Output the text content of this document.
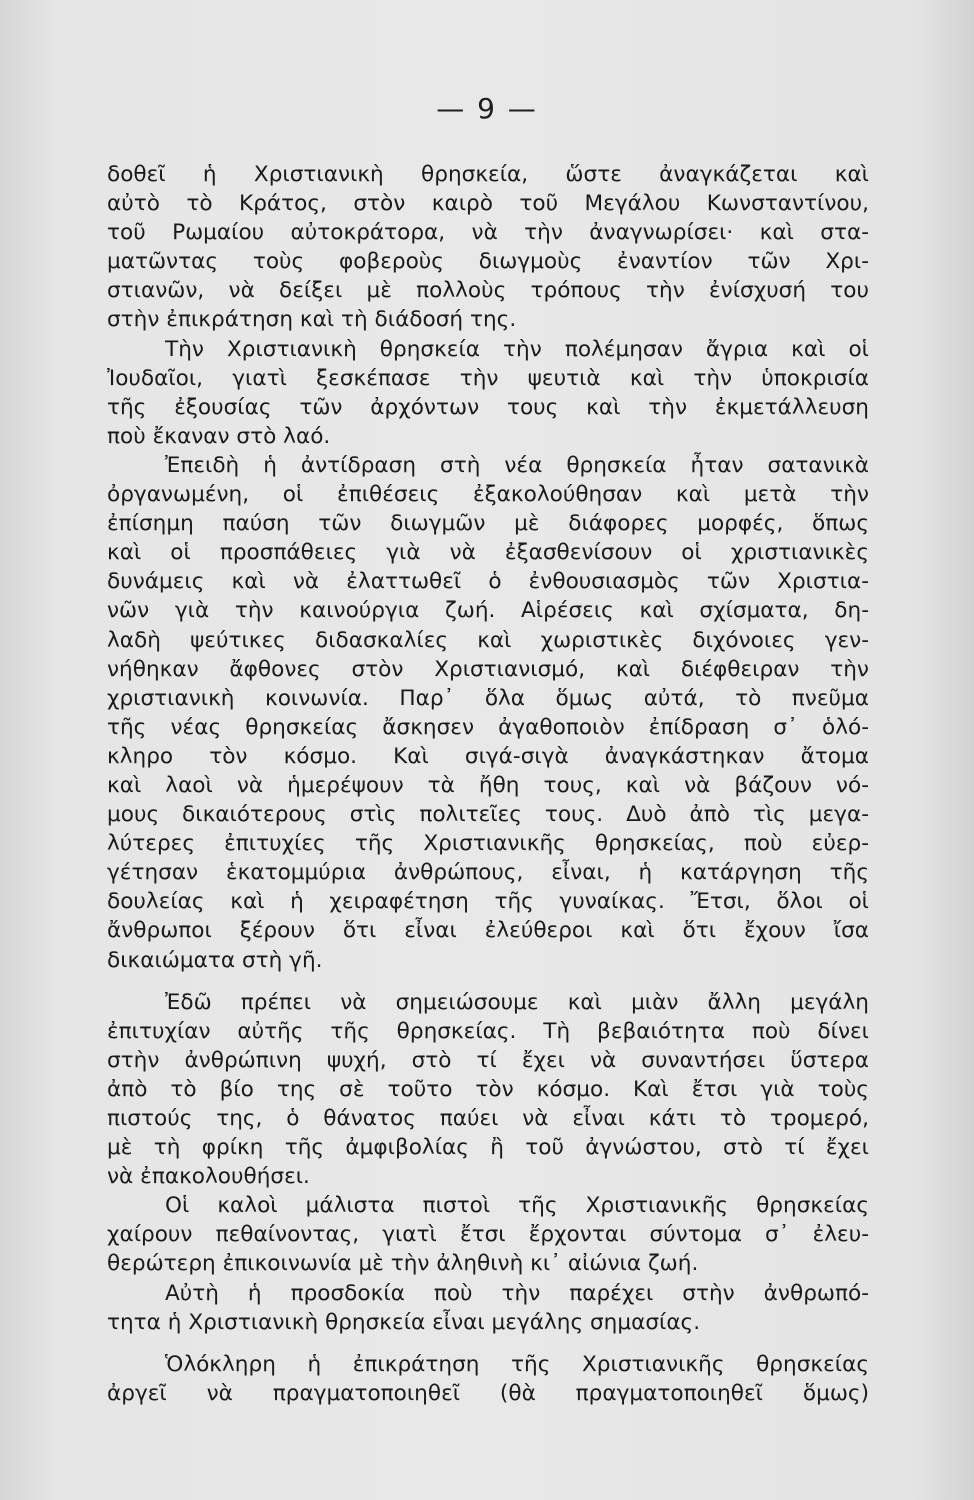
— 9 —
δοθεῖ ἡ Χριστιανικὴ θρησκεία, ὥστε ἀναγκάζεται καὶ
αὐτὸ τὸ Κράτος, στὸν καιρὸ τοῦ Μεγάλου Κωνσταντίνου,
τοῦ Ρωμαίου αὐτοκράτορα, νὰ τὴν ἀναγνωρίσει· καὶ στα-
ματῶντας τοὺς φοβεροὺς διωγμοὺς ἐναντίον τῶν Χρι-
στιανῶν, νὰ δείξει μὲ πολλοὺς τρόπους τὴν ἐνίσχυσή του
στὴν ἐπικράτηση καὶ τὴ διάδοσή της.
Τὴν Χριστιανικὴ θρησκεία τὴν πολέμησαν ἄγρια καὶ οἱ
Ἰουδαῖοι, γιατὶ ξεσκέπασε τὴν ψευτιὰ καὶ τὴν ὑποκρισία
τῆς ἐξουσίας τῶν ἀρχόντων τους καὶ τὴν ἐκμετάλλευση
ποὺ ἔκαναν στὸ λαό.
Ἐπειδὴ ἡ ἀντίδραση στὴ νέα θρησκεία ἦταν σατανικὰ
ὀργανωμένη, οἱ ἐπιθέσεις ἐξακολούθησαν καὶ μετὰ τὴν
ἐπίσημη παύση τῶν διωγμῶν μὲ διάφορες μορφές, ὅπως
καὶ οἱ προσπάθειες γιὰ νὰ ἐξασθενίσουν οἱ χριστιανικὲς
δυνάμεις καὶ νὰ ἐλαττωθεῖ ὁ ἐνθουσιασμὸς τῶν Χριστια-
νῶν γιὰ τὴν καινούργια ζωή. Αἱρέσεις καὶ σχίσματα, δη-
λαδὴ ψεύτικες διδασκαλίες καὶ χωριστικὲς διχόνοιες γεν-
νήθηκαν ἄφθονες στὸν Χριστιανισμό, καὶ διέφθειραν τὴν
χριστιανικὴ κοινωνία. Παρ᾽ ὅλα ὅμως αὐτά, τὸ πνεῦμα
τῆς νέας θρησκείας ἄσκησεν ἀγαθοποιὸν ἐπίδραση σ᾽ ὁλό-
κληρο τὸν κόσμο. Καὶ σιγά-σιγὰ ἀναγκάστηκαν ἄτομα
καὶ λαοὶ νὰ ἡμερέψουν τὰ ἤθη τους, καὶ νὰ βάζουν νό-
μους δικαιότερους στὶς πολιτεῖες τους. Δυὸ ἀπὸ τὶς μεγα-
λύτερες ἐπιτυχίες τῆς Χριστιανικῆς θρησκείας, ποὺ εὐερ-
γέτησαν ἑκατομμύρια ἀνθρώπους, εἶναι, ἡ κατάργηση τῆς
δουλείας καὶ ἡ χειραφέτηση τῆς γυναίκας. Ἔτσι, ὅλοι οἱ
ἄνθρωποι ξέρουν ὅτι εἶναι ἐλεύθεροι καὶ ὅτι ἔχουν ἴσα
δικαιώματα στὴ γῆ.
Ἐδῶ πρέπει νὰ σημειώσουμε καὶ μιὰν ἄλλη μεγάλη
ἐπιτυχίαν αὐτῆς τῆς θρησκείας. Τὴ βεβαιότητα ποὺ δίνει
στὴν ἀνθρώπινη ψυχή, στὸ τί ἔχει νὰ συναντήσει ὕστερα
ἀπὸ τὸ βίο της σὲ τοῦτο τὸν κόσμο. Καὶ ἔτσι γιὰ τοὺς
πιστούς της, ὁ θάνατος παύει νὰ εἶναι κάτι τὸ τρομερό,
μὲ τὴ φρίκη τῆς ἀμφιβολίας ἢ τοῦ ἀγνώστου, στὸ τί ἔχει
νὰ ἐπακολουθήσει.
Οἱ καλοὶ μάλιστα πιστοὶ τῆς Χριστιανικῆς θρησκείας
χαίρουν πεθαίνοντας, γιατὶ ἔτσι ἔρχονται σύντομα σ᾽ ἐλευ-
θερώτερη ἐπικοινωνία μὲ τὴν ἀληθινὴ κι᾽ αἰώνια ζωή.
Αὐτὴ ἡ προσδοκία ποὺ τὴν παρέχει στὴν ἀνθρωπό-
τητα ἡ Χριστιανικὴ θρησκεία εἶναι μεγάλης σημασίας.
Ὁλόκληρη ἡ ἐπικράτηση τῆς Χριστιανικῆς θρησκείας
ἀργεῖ νὰ πραγματοποιηθεῖ (θὰ πραγματοποιηθεῖ ὅμως)
